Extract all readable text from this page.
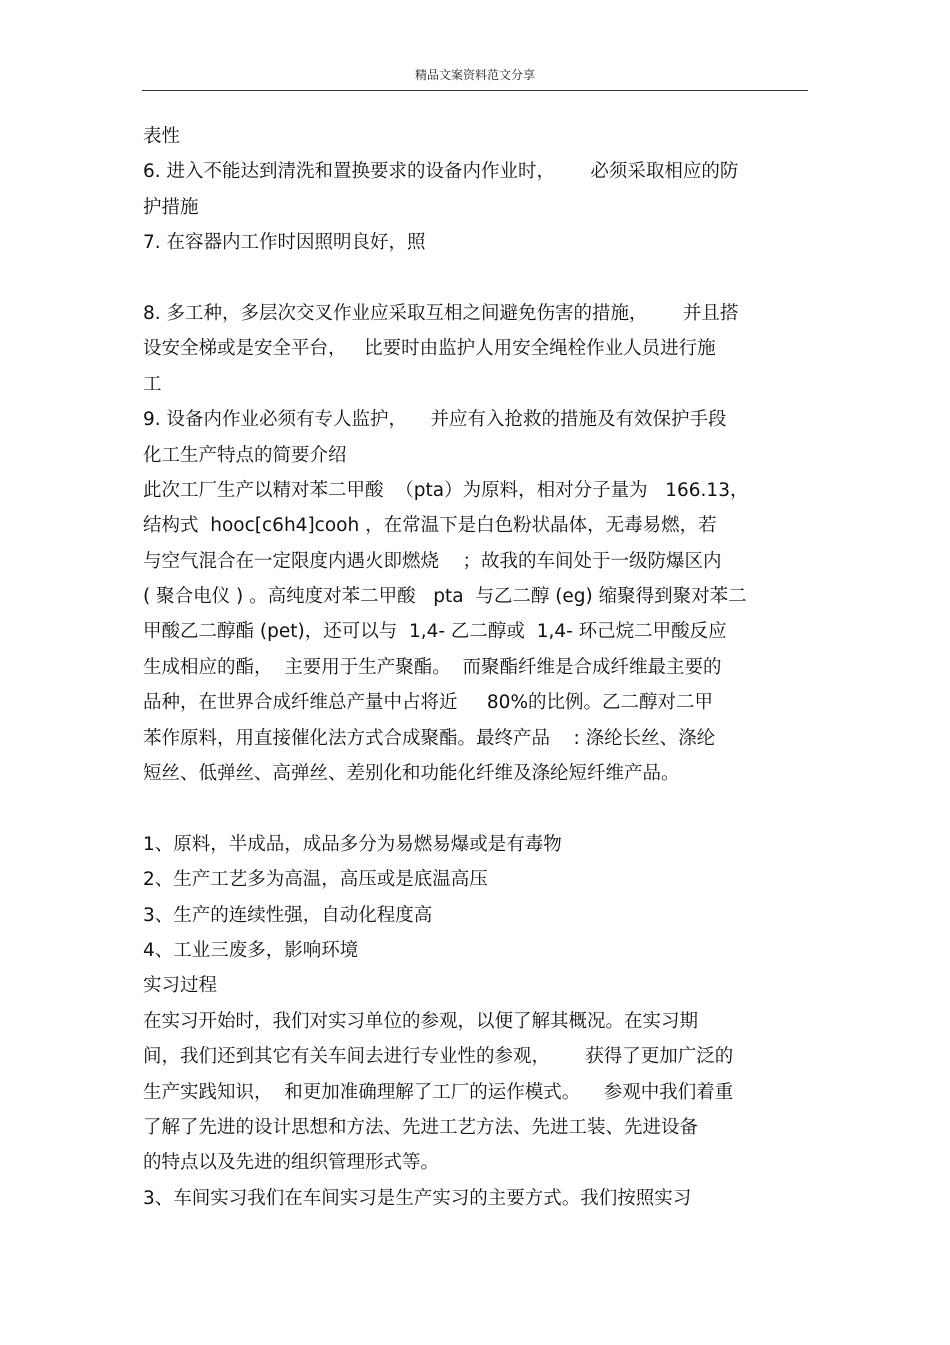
精品文案资料范文分享
表性
6. 进入不能达到清洗和置换要求的设备内作业时，      必须采取相应的防
护措施
7. 在容器内工作时因照明良好，照
8. 多工种，多层次交叉作业应采取互相之间避免伤害的措施，      并且搭
设安全梯或是安全平台，   比要时由监护人用安全绳栓作业人员进行施
工
9. 设备内作业必须有专人监护，    并应有入抢救的措施及有效保护手段
化工生产特点的简要介绍
此次工厂生产以精对苯二甲酸  （pta）为原料，相对分子量为   166.13，
结构式  hooc[c6h4]cooh ，在常温下是白色粉状晶体，无毒易燃，若
与空气混合在一定限度内遇火即燃烧    ；故我的车间处于一级防爆区内
( 聚合电仪 ) 。高纯度对苯二甲酸   pta  与乙二醇 (eg) 缩聚得到聚对苯二
甲酸乙二醇酯 (pet)，还可以与  1,4- 乙二醇或  1,4- 环己烷二甲酸反应
生成相应的酯，  主要用于生产聚酯。  而聚酯纤维是合成纤维最主要的
品种，在世界合成纤维总产量中占将近     80%的比例。乙二醇对二甲
苯作原料，用直接催化法方式合成聚酯。最终产品    : 涤纶长丝、涤纶
短丝、低弹丝、高弹丝、差别化和功能化纤维及涤纶短纤维产品。
1、原料，半成品，成品多分为易燃易爆或是有毒物
2、生产工艺多为高温，高压或是底温高压
3、生产的连续性强，自动化程度高
4、工业三废多，影响环境
实习过程
在实习开始时，我们对实习单位的参观，以便了解其概况。在实习期
间，我们还到其它有关车间去进行专业性的参观，      获得了更加广泛的
生产实践知识，  和更加准确理解了工厂的运作模式。    参观中我们着重
了解了先进的设计思想和方法、先进工艺方法、先进工装、先进设备
的特点以及先进的组织管理形式等。
3、车间实习我们在车间实习是生产实习的主要方式。我们按照实习
